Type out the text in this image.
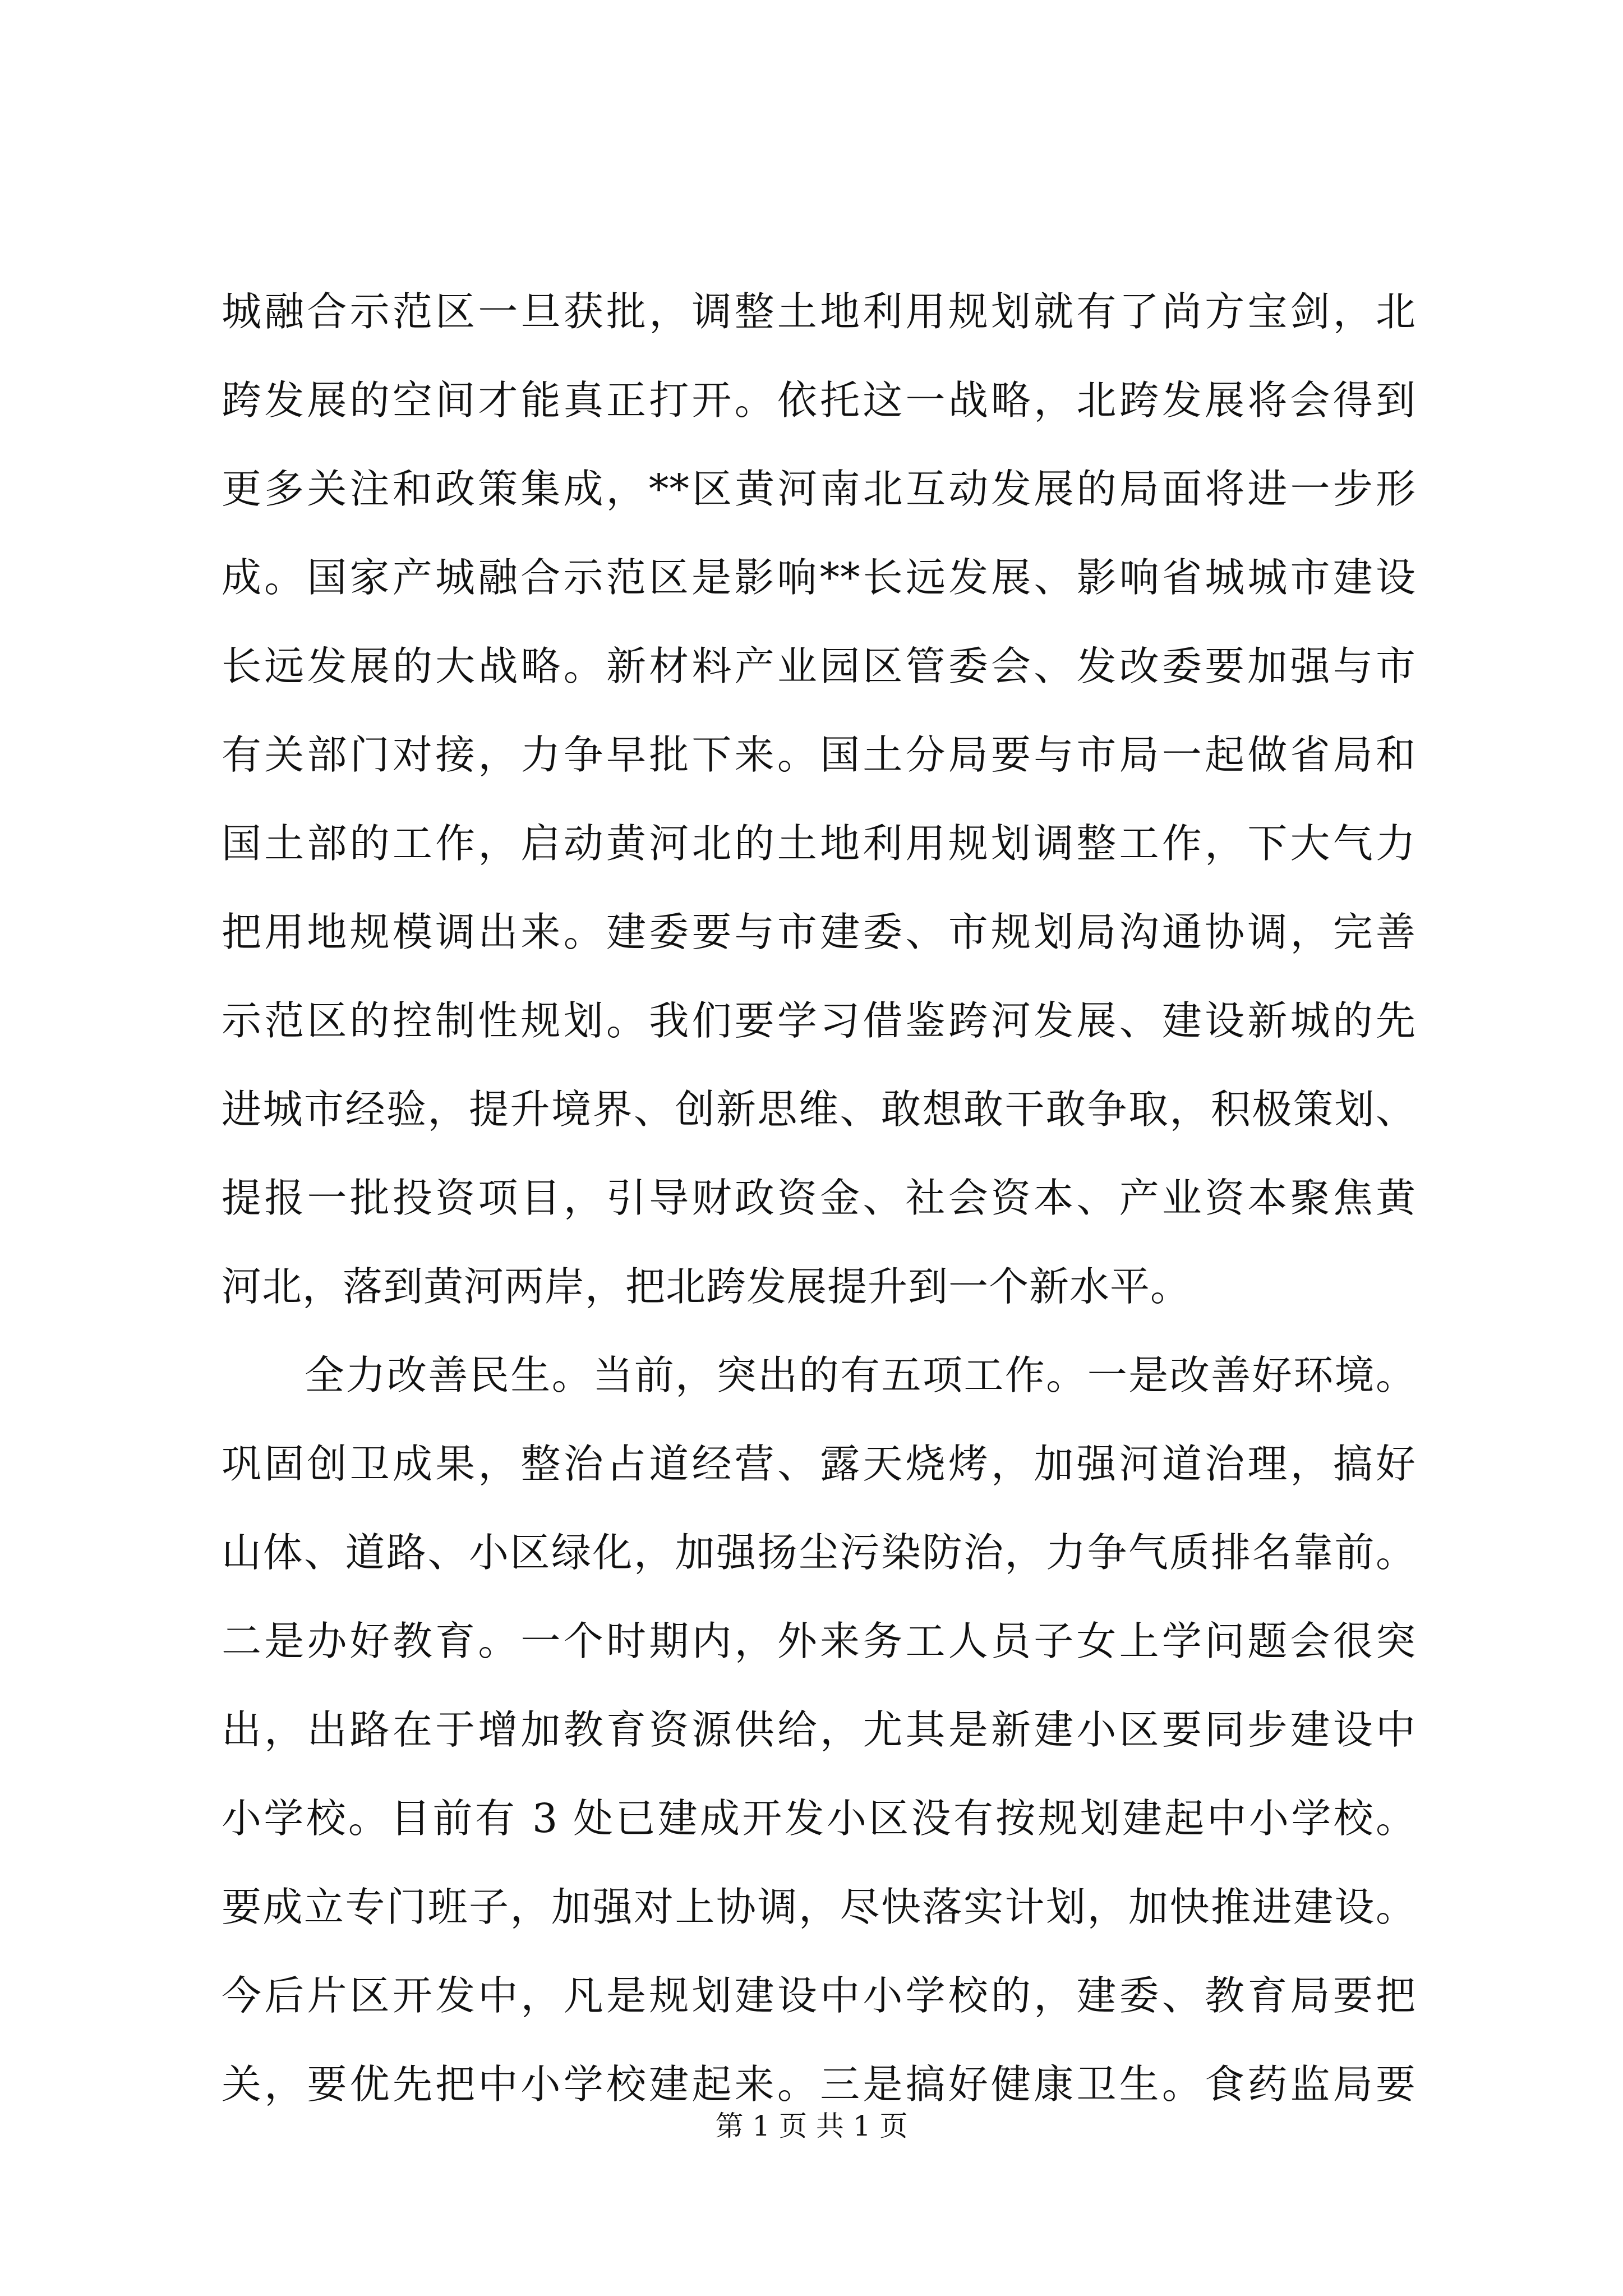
城融合示范区一旦获批，调整土地利用规划就有了尚方宝剑，北
跨发展的空间才能真正打开。依托这一战略，北跨发展将会得到
更多关注和政策集成，**区黄河南北互动发展的局面将进一步形
成。国家产城融合示范区是影响**长远发展、影响省城城市建设
长远发展的大战略。新材料产业园区管委会、发改委要加强与市
有关部门对接，力争早批下来。国土分局要与市局一起做省局和
国土部的工作，启动黄河北的土地利用规划调整工作，下大气力
把用地规模调出来。建委要与市建委、市规划局沟通协调，完善
示范区的控制性规划。我们要学习借鉴跨河发展、建设新城的先
进城市经验，提升境界、创新思维、敢想敢干敢争取，积极策划、
提报一批投资项目，引导财政资金、社会资本、产业资本聚焦黄
河北，落到黄河两岸，把北跨发展提升到一个新水平。
全力改善民生。当前，突出的有五项工作。一是改善好环境。
巩固创卫成果，整治占道经营、露天烧烤，加强河道治理，搞好
山体、道路、小区绿化，加强扬尘污染防治，力争气质排名靠前。
二是办好教育。一个时期内，外来务工人员子女上学问题会很突
出，出路在于增加教育资源供给，尤其是新建小区要同步建设中
小学校。目前有 3 处已建成开发小区没有按规划建起中小学校。
要成立专门班子，加强对上协调，尽快落实计划，加快推进建设。
今后片区开发中，凡是规划建设中小学校的，建委、教育局要把
关，要优先把中小学校建起来。三是搞好健康卫生。食药监局要
第 1 页 共 1 页
